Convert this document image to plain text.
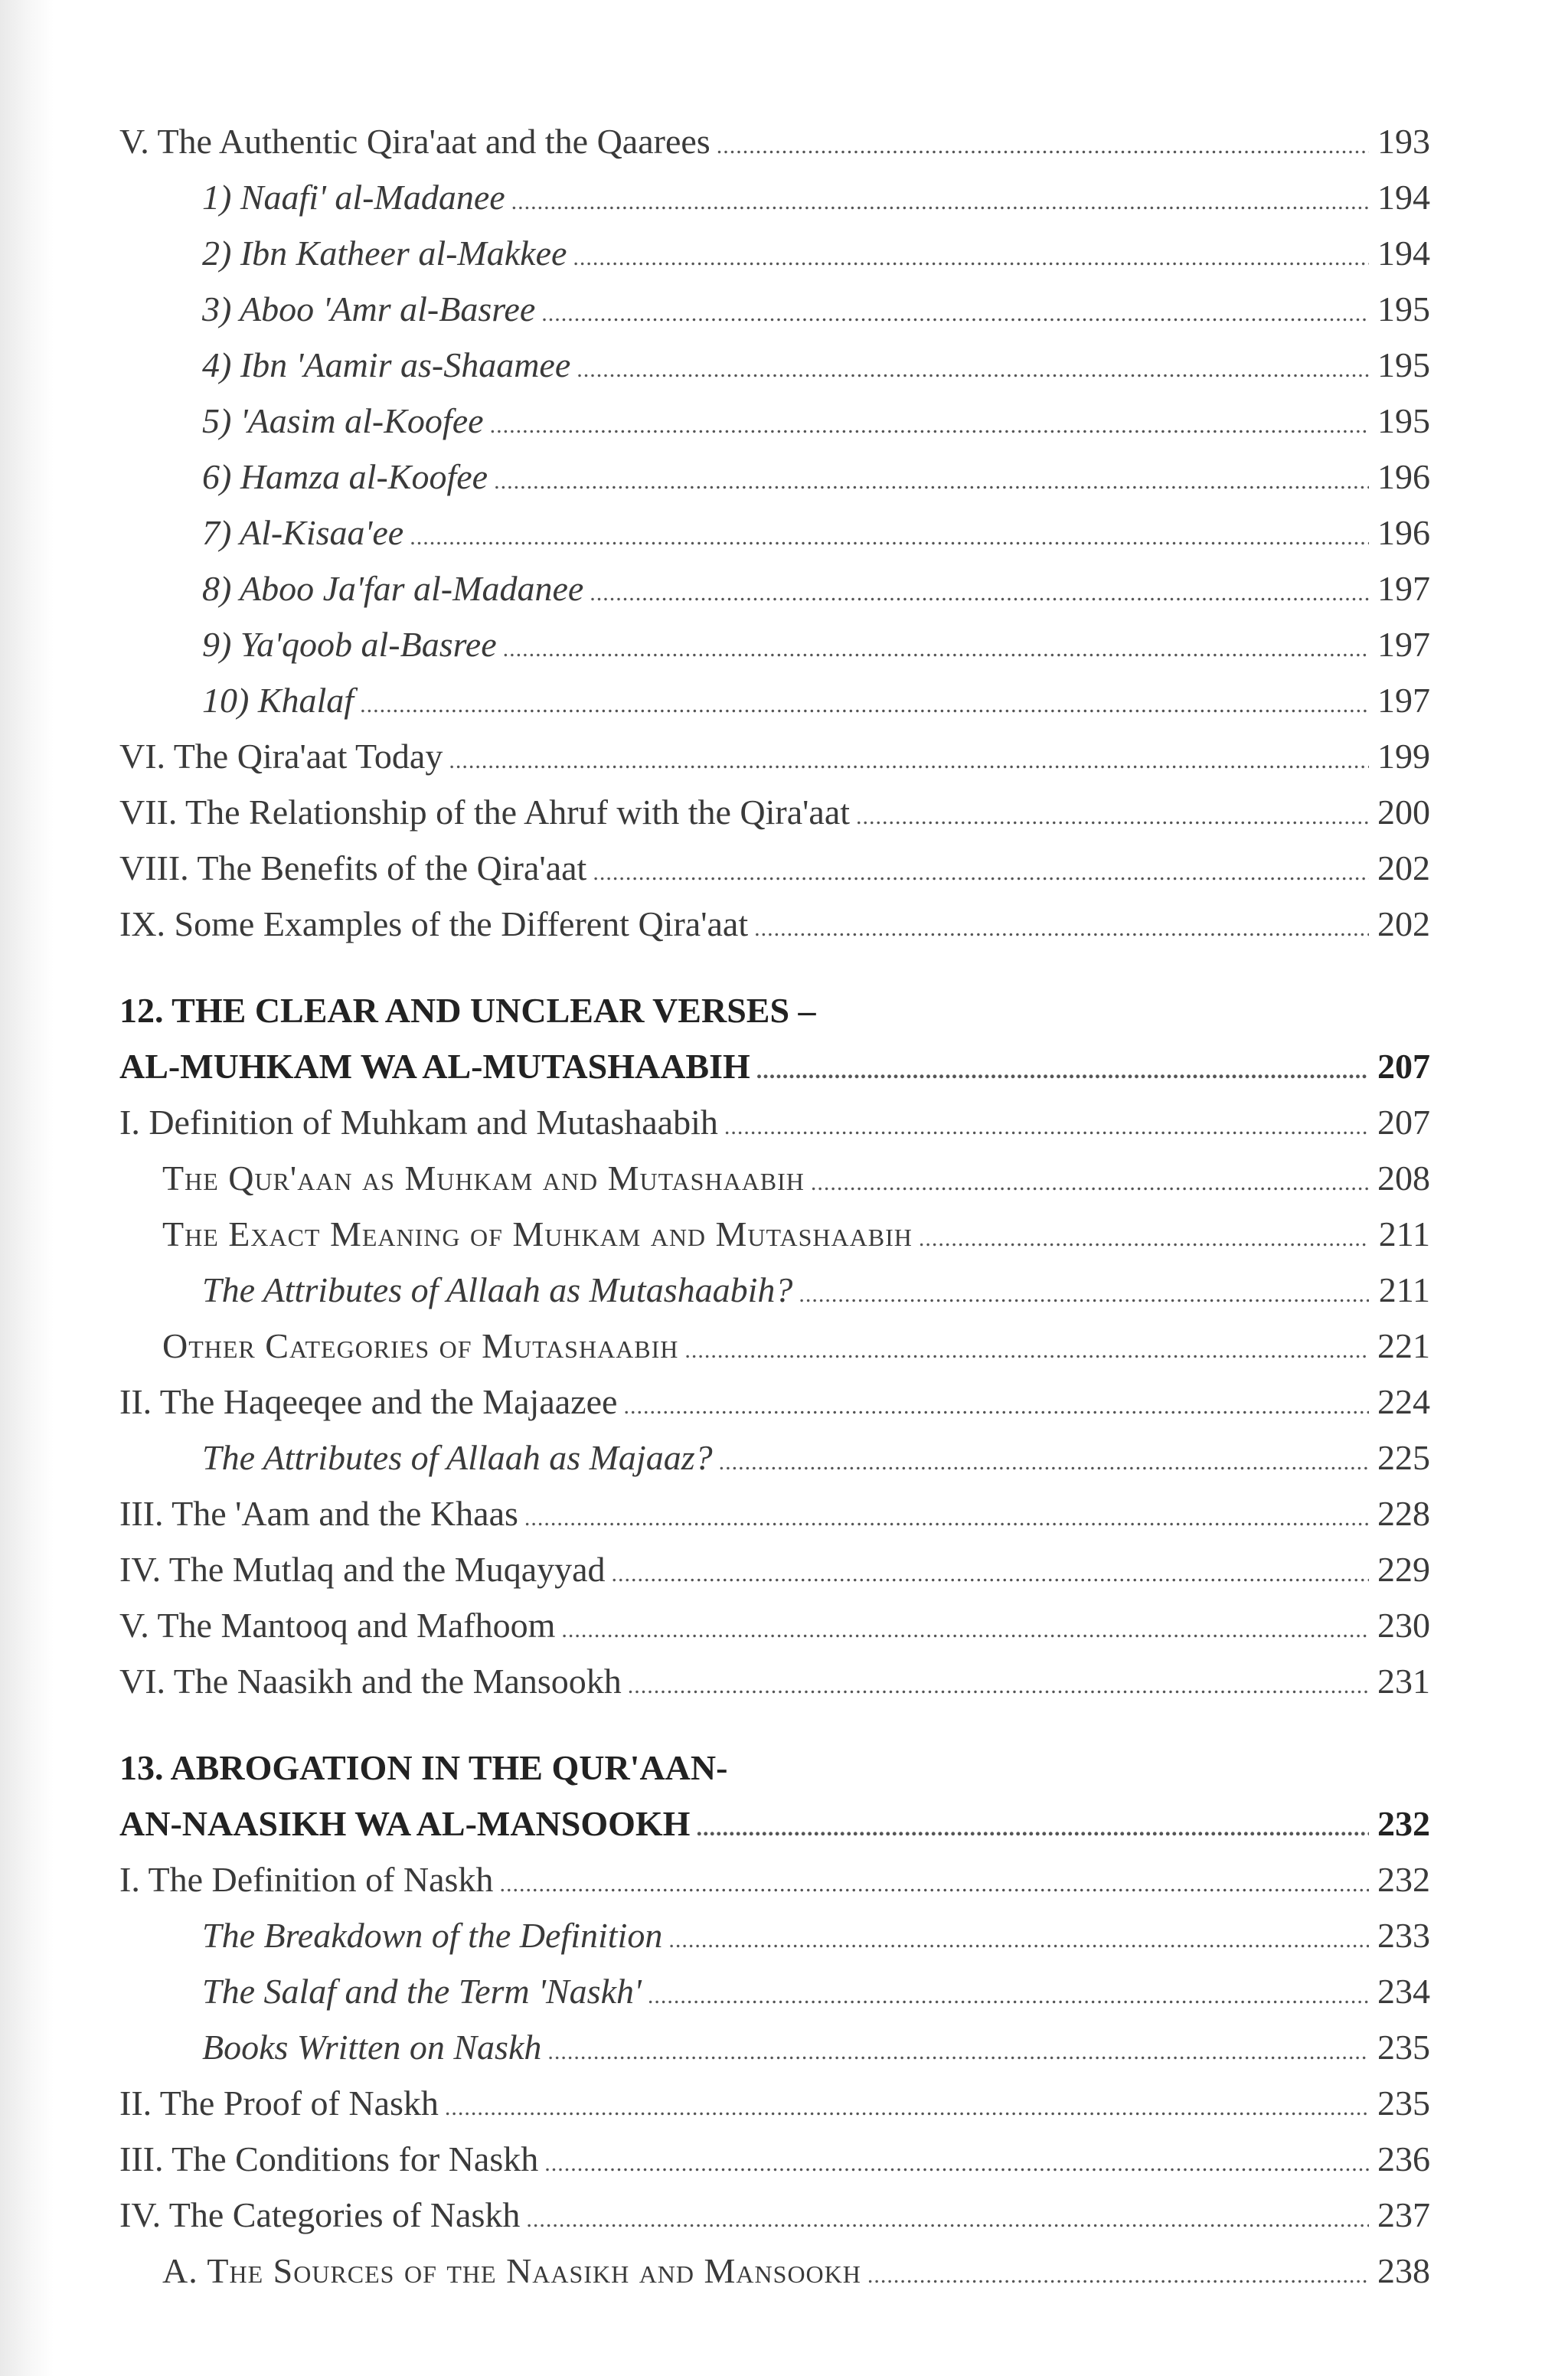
V. The Authentic Qira'aat and the Qaarees .....	193
1) Naafi' al-Madanee .....	194
2) Ibn Katheer al-Makkee .....	194
3) Aboo 'Amr al-Basree .....	195
4) Ibn 'Aamir as-Shaamee .....	195
5) 'Aasim al-Koofee .....	195
6) Hamza al-Koofee .....	196
7) Al-Kisaa'ee .....	196
8) Aboo Ja'far al-Madanee .....	197
9) Ya'qoob al-Basree .....	197
10) Khalaf .....	197
VI. The Qira'aat Today .....	199
VII. The Relationship of the Ahruf with the Qira'aat .....	200
VIII. The Benefits of the Qira'aat .....	202
IX. Some Examples of the Different Qira'aat .....	202
12. THE CLEAR AND UNCLEAR VERSES –
AL-MUHKAM WA AL-MUTASHAABIH .....	207
I. Definition of Muhkam and Mutashaabih .....	207
The Qur'aan as Muhkam and Mutashaabih .....	208
The Exact Meaning of Muhkam and Mutashaabih .....	211
The Attributes of Allaah as Mutashaabih? .....	211
Other Categories of Mutashaabih .....	221
II. The Haqeeqee and the Majaazee .....	224
The Attributes of Allaah as Majaaz? .....	225
III. The 'Aam and the Khaas .....	228
IV. The Mutlaq and the Muqayyad .....	229
V. The Mantooq and Mafhoom .....	230
VI. The Naasikh and the Mansookh .....	231
13. ABROGATION IN THE QUR'AAN-
AN-NAASIKH WA AL-MANSOOKH .....	232
I. The Definition of Naskh .....	232
The Breakdown of the Definition .....	233
The Salaf and the Term 'Naskh' .....	234
Books Written on Naskh .....	235
II. The Proof of Naskh .....	235
III. The Conditions for Naskh .....	236
IV. The Categories of Naskh .....	237
A. The Sources of the Naasikh and Mansookh .....	238
